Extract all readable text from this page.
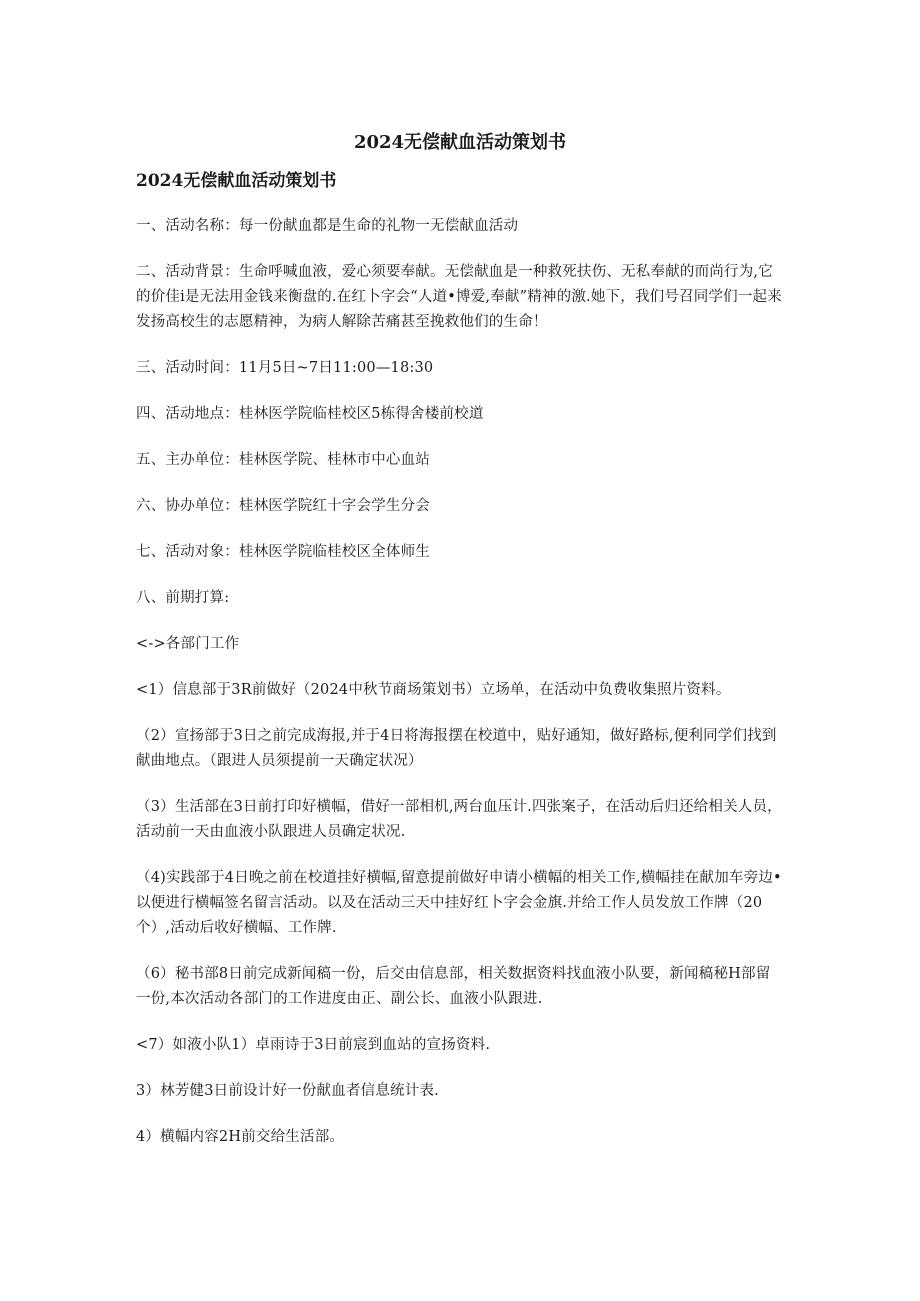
2024无偿献血活动策划书
2024无偿献血活动策划书

一、活动名称：每一份献血都是生命的礼物一无偿献血活动

二、活动背景：生命呼喊血液，爱心须要奉献。无偿献血是一种救死扶伤、无私奉献的而尚行为,它的价佳i是无法用金钱来衡盘的.在红卜字会“人道•博爱,奉献”精神的激.她下，我们号召同学们一起来发扬高校生的志愿精神，为病人解除苦痛甚至挽救他们的生命！

三、活动时间：11月5日~7日11:00—18:30

四、活动地点：桂林医学院临桂校区5栋得舍楼前校道

五、主办单位：桂林医学院、桂林市中心血站

六、协办单位：桂林医学院红十字会学生分会

七、活动对象：桂林医学院临桂校区全体师生

八、前期打算:

<->各部门工作

<1）信息部于3R前做好（2024中秋节商场策划书）立场单，在活动中负费收集照片资料。

（2）宣扬部于3日之前完成海报,并于4日将海报摆在校道中，贴好通知，做好路标,便利同学们找到献曲地点。（跟进人员须提前一天确定状况）

（3）生活部在3日前打印好横幅，借好一部相机,两台血压计.四张案子，在活动后归还给相关人员，活动前一天由血液小队跟进人员确定状况.

（4)实践部于4日晚之前在校道挂好横幅,留意提前做好申请小横幅的相关工作,横幅挂在献加车旁边•以便进行横幅签名留言活动。以及在活动三天中挂好红卜字会金旗.并给工作人员发放工作牌（20个）,活动后收好横幅、工作牌.

（6）秘书部8日前完成新闻稿一份，后交由信息部，相关数据资料找血液小队要，新闻稿秘H部留一份,本次活动各部门的工作进度由正、副公长、血液小队跟进.

<7）如液小队1）卓雨诗于3日前宸到血站的宣扬资料.

3）林芳健3日前设计好一份献血者信息统计表.

4）横幅内容2H前交给生活部。
